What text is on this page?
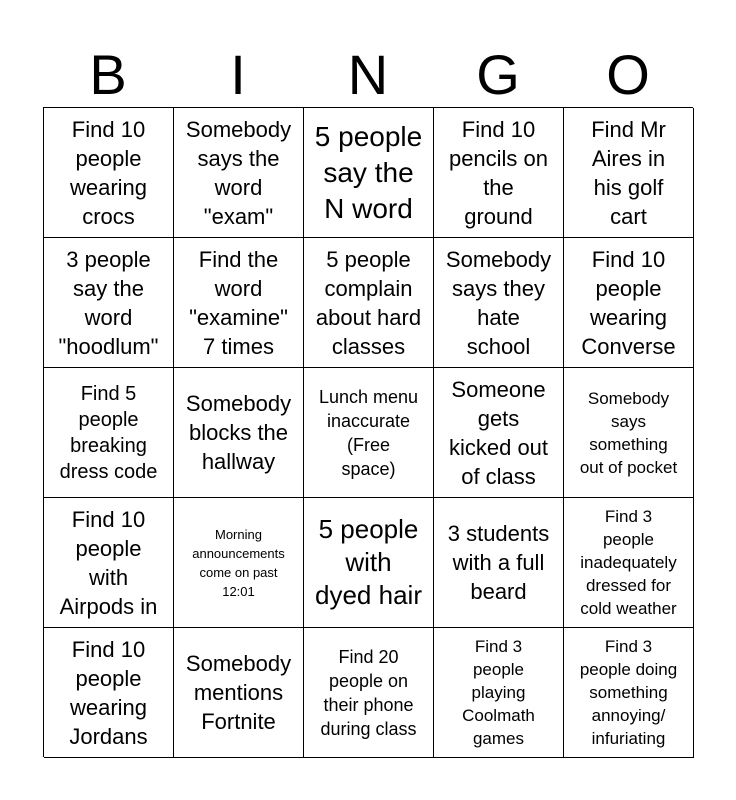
B	I	N	G	O
Find 10
people
wearing
crocs
Somebody
says the
word
"exam"
5 people
say the
N word
Find 10
pencils on
the
ground
Find Mr
Aires in
his golf
cart
3 people
say the
word
"hoodlum"
Find the
word
"examine"
7 times
5 people
complain
about hard
classes
Somebody
says they
hate
school
Find 10
people
wearing
Converse
Find 5
people
breaking
dress code
Somebody
blocks the
hallway
Lunch menu
inaccurate
(Free
space)
Someone
gets
kicked out
of class
Somebody
says
something
out of pocket
Find 10
people
with
Airpods in
Morning
announcements
come on past
12:01
5 people
with
dyed hair
3 students
with a full
beard
Find 3
people
inadequately
dressed for
cold weather
Find 10
people
wearing
Jordans
Somebody
mentions
Fortnite
Find 20
people on
their phone
during class
Find 3
people
playing
Coolmath
games
Find 3
people doing
something
annoying/
infuriating
